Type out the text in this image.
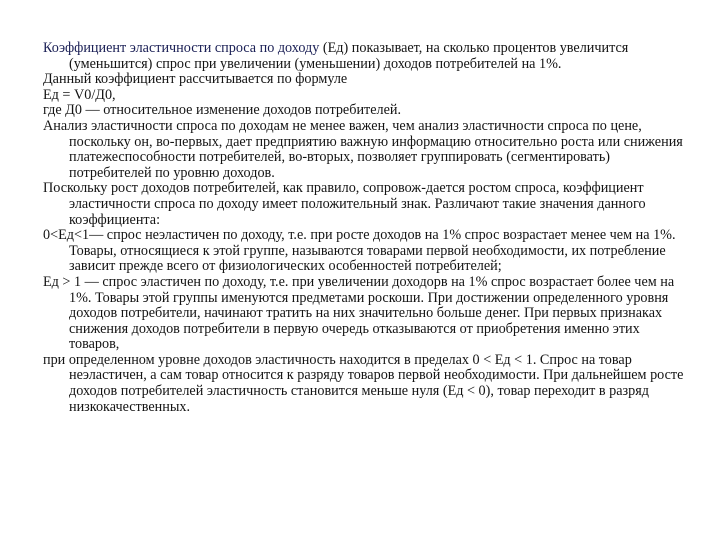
Коэффициент эластичности спроса по доходу (Ед) показывает, на сколько процентов увеличится (уменьшится) спрос при увеличении (уменьшении) доходов потребителей на 1%.

Данный коэффициент рассчитывается по формуле

Ед = V0/Д0,

где Д0 — относительное изменение доходов потребителей.

Анализ эластичности спроса по доходам не менее важен, чем анализ эластичности спроса по цене, поскольку он, во-первых, дает предприятию важную информацию относительно роста или снижения платежеспособности потребителей, во-вторых, позволяет группировать (сегментировать) потребителей по уровню доходов.

Поскольку рост доходов потребителей, как правило, сопровож-дается ростом спроса, коэффициент эластичности спроса по доходу имеет положительный знак. Различают такие значения данного коэффициента:

0<Ед<1— спрос неэластичен по доходу, т.е. при росте доходов на 1% спрос возрастает менее чем на 1%. Товары, относящиеся к этой группе, называются товарами первой необходимости, их потребление зависит прежде всего от физиологических особенностей потребителей;

Ед > 1 — спрос эластичен по доходу, т.е. при увеличении доходорв на 1% спрос возрастает более чем на 1%. Товары этой группы именуются предметами роскоши. При достижении определенного уровня доходов потребители, начинают тратить на них значительно больше денег. При первых признаках снижения доходов потребители в первую очередь отказываются от приобретения именно этих товаров,

при определенном уровне доходов эластичность находится в пределах 0 < Ед < 1. Спрос на товар неэластичен, а сам товар относится к разряду товаров первой необходимости. При дальнейшем росте доходов потребителей эластичность становится меньше нуля (Ед < 0), товар переходит в разряд низкокачественных.
